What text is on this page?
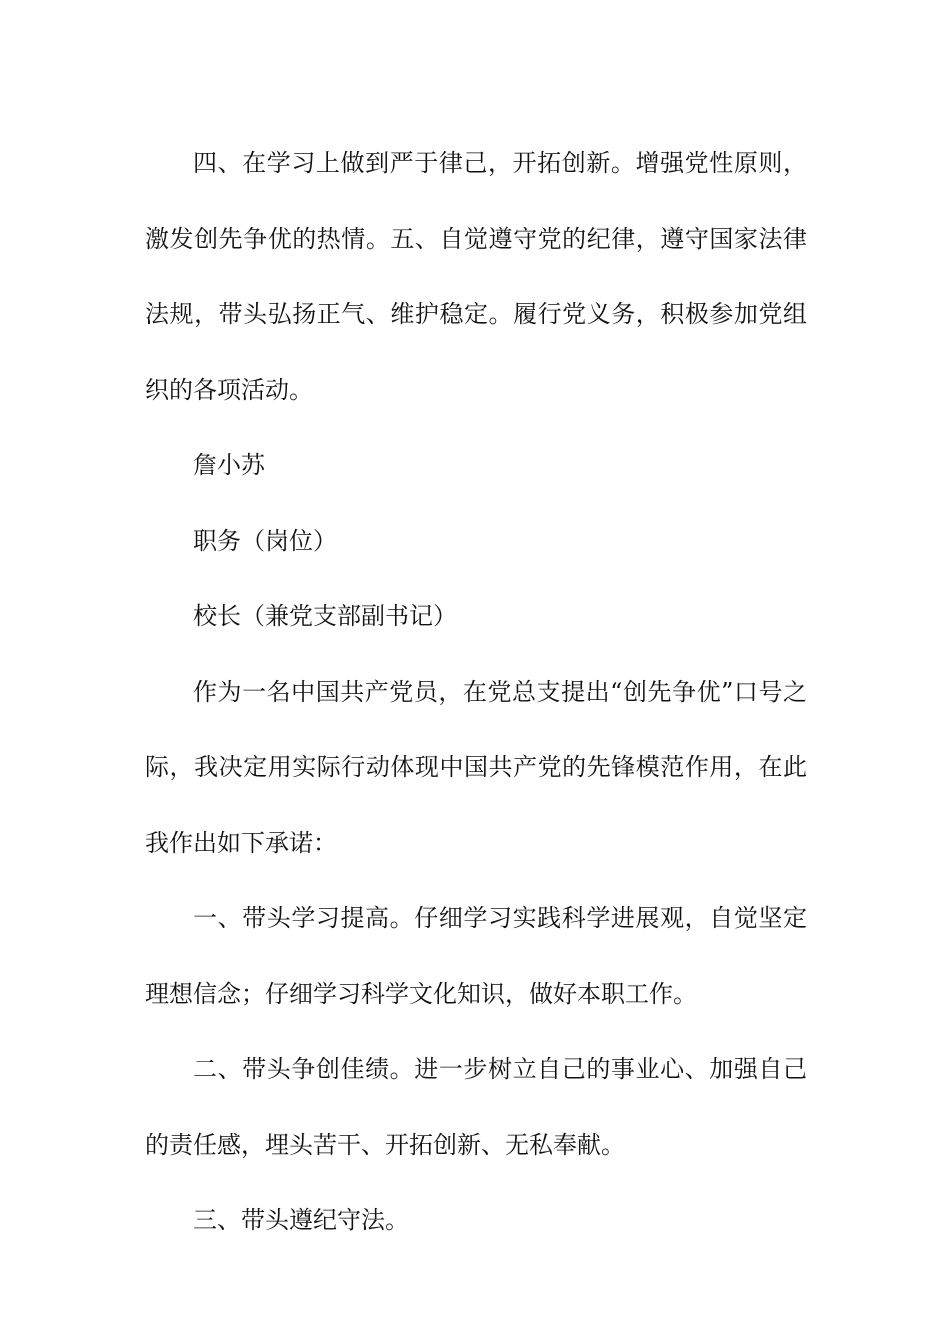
四、在学习上做到严于律己，开拓创新。增强党性原则，激发创先争优的热情。五、自觉遵守党的纪律，遵守国家法律法规，带头弘扬正气、维护稳定。履行党义务，积极参加党组织的各项活动。

詹小苏

职务（岗位）

校长（兼党支部副书记）

作为一名中国共产党员，在党总支提出“创先争优”口号之际，我决定用实际行动体现中国共产党的先锋模范作用，在此我作出如下承诺：

一、带头学习提高。仔细学习实践科学进展观，自觉坚定理想信念；仔细学习科学文化知识，做好本职工作。

二、带头争创佳绩。进一步树立自己的事业心、加强自己的责任感，埋头苦干、开拓创新、无私奉献。

三、带头遵纪守法。
